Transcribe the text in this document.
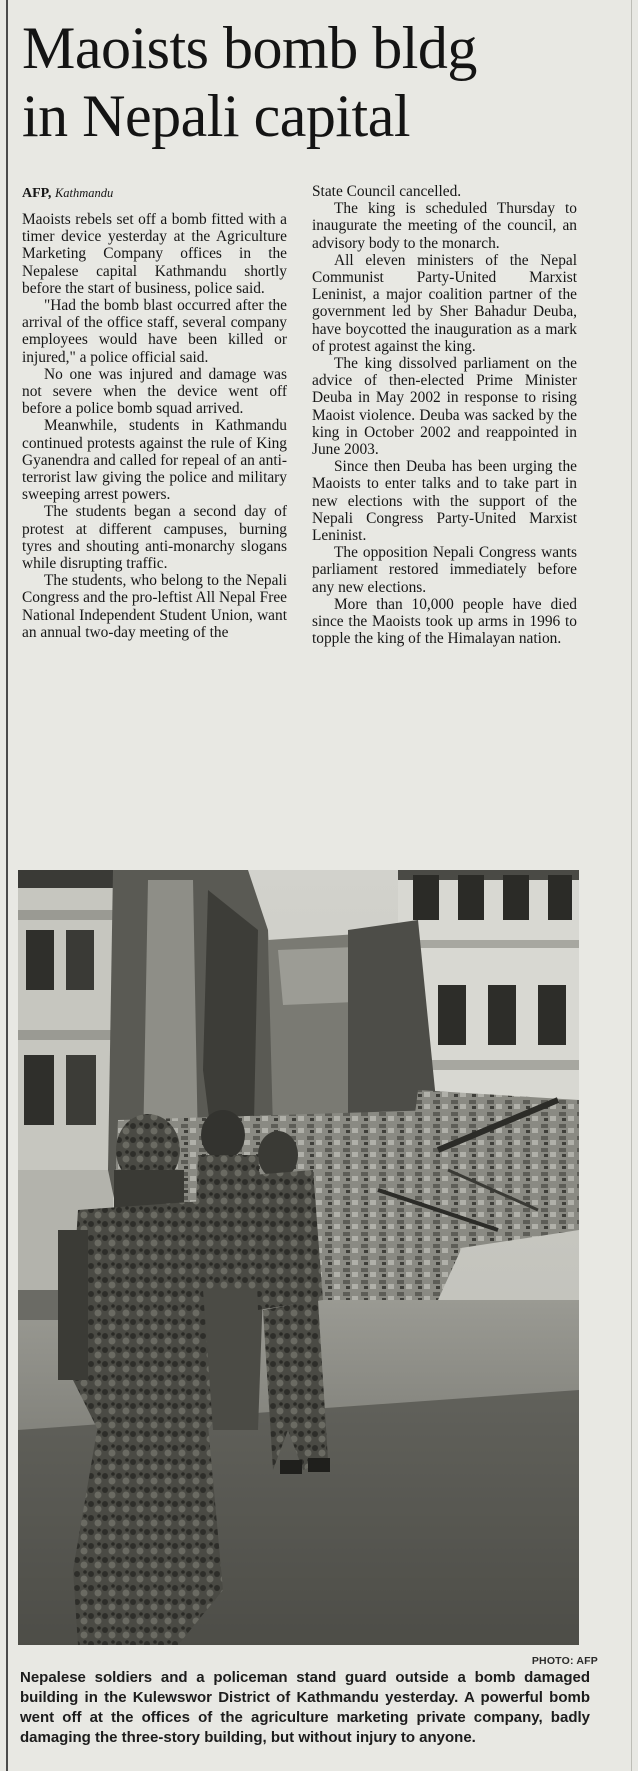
Maoists bomb bldg
in Nepali capital
AFP, Kathmandu

Maoists rebels set off a bomb fitted with a timer device yesterday at the Agriculture Marketing Company offices in the Nepalese capital Kathmandu shortly before the start of business, police said.

"Had the bomb blast occurred after the arrival of the office staff, several company employees would have been killed or injured," a police official said.

No one was injured and damage was not severe when the device went off before a police bomb squad arrived.

Meanwhile, students in Kathmandu continued protests against the rule of King Gyanendra and called for repeal of an anti-terrorist law giving the police and military sweeping arrest powers.

The students began a second day of protest at different campuses, burning tyres and shouting anti-monarchy slogans while disrupting traffic.

The students, who belong to the Nepali Congress and the pro-leftist All Nepal Free National Independent Student Union, want an annual two-day meeting of the

State Council cancelled.

The king is scheduled Thursday to inaugurate the meeting of the council, an advisory body to the monarch.

All eleven ministers of the Nepal Communist Party-United Marxist Leninist, a major coalition partner of the government led by Sher Bahadur Deuba, have boycotted the inauguration as a mark of protest against the king.

The king dissolved parliament on the advice of then-elected Prime Minister Deuba in May 2002 in response to rising Maoist violence. Deuba was sacked by the king in October 2002 and reappointed in June 2003.

Since then Deuba has been urging the Maoists to enter talks and to take part in new elections with the support of the Nepali Congress Party-United Marxist Leninist.

The opposition Nepali Congress wants parliament restored immediately before any new elections.

More than 10,000 people have died since the Maoists took up arms in 1996 to topple the king of the Himalayan nation.

PHOTO: AFP

Nepalese soldiers and a policeman stand guard outside a bomb damaged building in the Kulewswor District of Kathmandu yesterday. A powerful bomb went off at the offices of the agriculture marketing private company, badly damaging the three-story building, but without injury to anyone.
